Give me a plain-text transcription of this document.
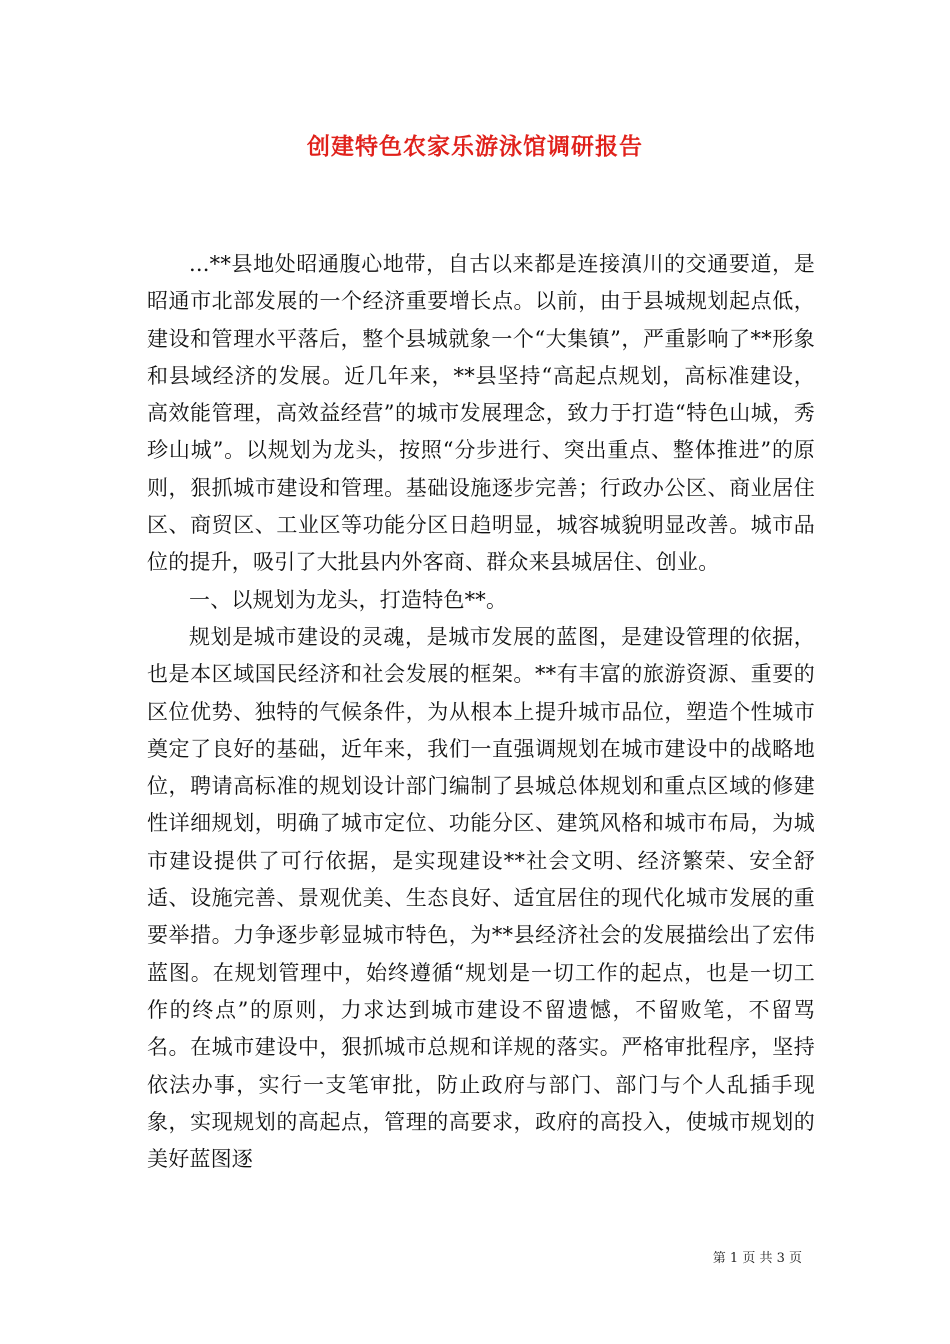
创建特色农家乐游泳馆调研报告

...**县地处昭通腹心地带，自古以来都是连接滇川的交通要道，是昭通市北部发展的一个经济重要增长点。以前，由于县城规划起点低，建设和管理水平落后，整个县城就象一个“大集镇”，严重影响了**形象和县域经济的发展。近几年来，**县坚持“高起点规划，高标准建设，高效能管理，高效益经营”的城市发展理念，致力于打造“特色山城，秀珍山城”。以规划为龙头，按照“分步进行、突出重点、整体推进”的原则，狠抓城市建设和管理。基础设施逐步完善；行政办公区、商业居住区、商贸区、工业区等功能分区日趋明显，城容城貌明显改善。城市品位的提升，吸引了大批县内外客商、群众来县城居住、创业。

一、以规划为龙头，打造特色**。

规划是城市建设的灵魂，是城市发展的蓝图，是建设管理的依据，也是本区域国民经济和社会发展的框架。**有丰富的旅游资源、重要的区位优势、独特的气候条件，为从根本上提升城市品位，塑造个性城市奠定了良好的基础，近年来，我们一直强调规划在城市建设中的战略地位，聘请高标准的规划设计部门编制了县城总体规划和重点区域的修建性详细规划，明确了城市定位、功能分区、建筑风格和城市布局，为城市建设提供了可行依据，是实现建设**社会文明、经济繁荣、安全舒适、设施完善、景观优美、生态良好、适宜居住的现代化城市发展的重要举措。力争逐步彰显城市特色，为**县经济社会的发展描绘出了宏伟蓝图。在规划管理中，始终遵循“规划是一切工作的起点，也是一切工作的终点”的原则，力求达到城市建设不留遗憾，不留败笔，不留骂名。在城市建设中，狠抓城市总规和详规的落实。严格审批程序，坚持依法办事，实行一支笔审批，防止政府与部门、部门与个人乱插手现象，实现规划的高起点，管理的高要求，政府的高投入，使城市规划的美好蓝图逐

第 1 页 共 3 页
